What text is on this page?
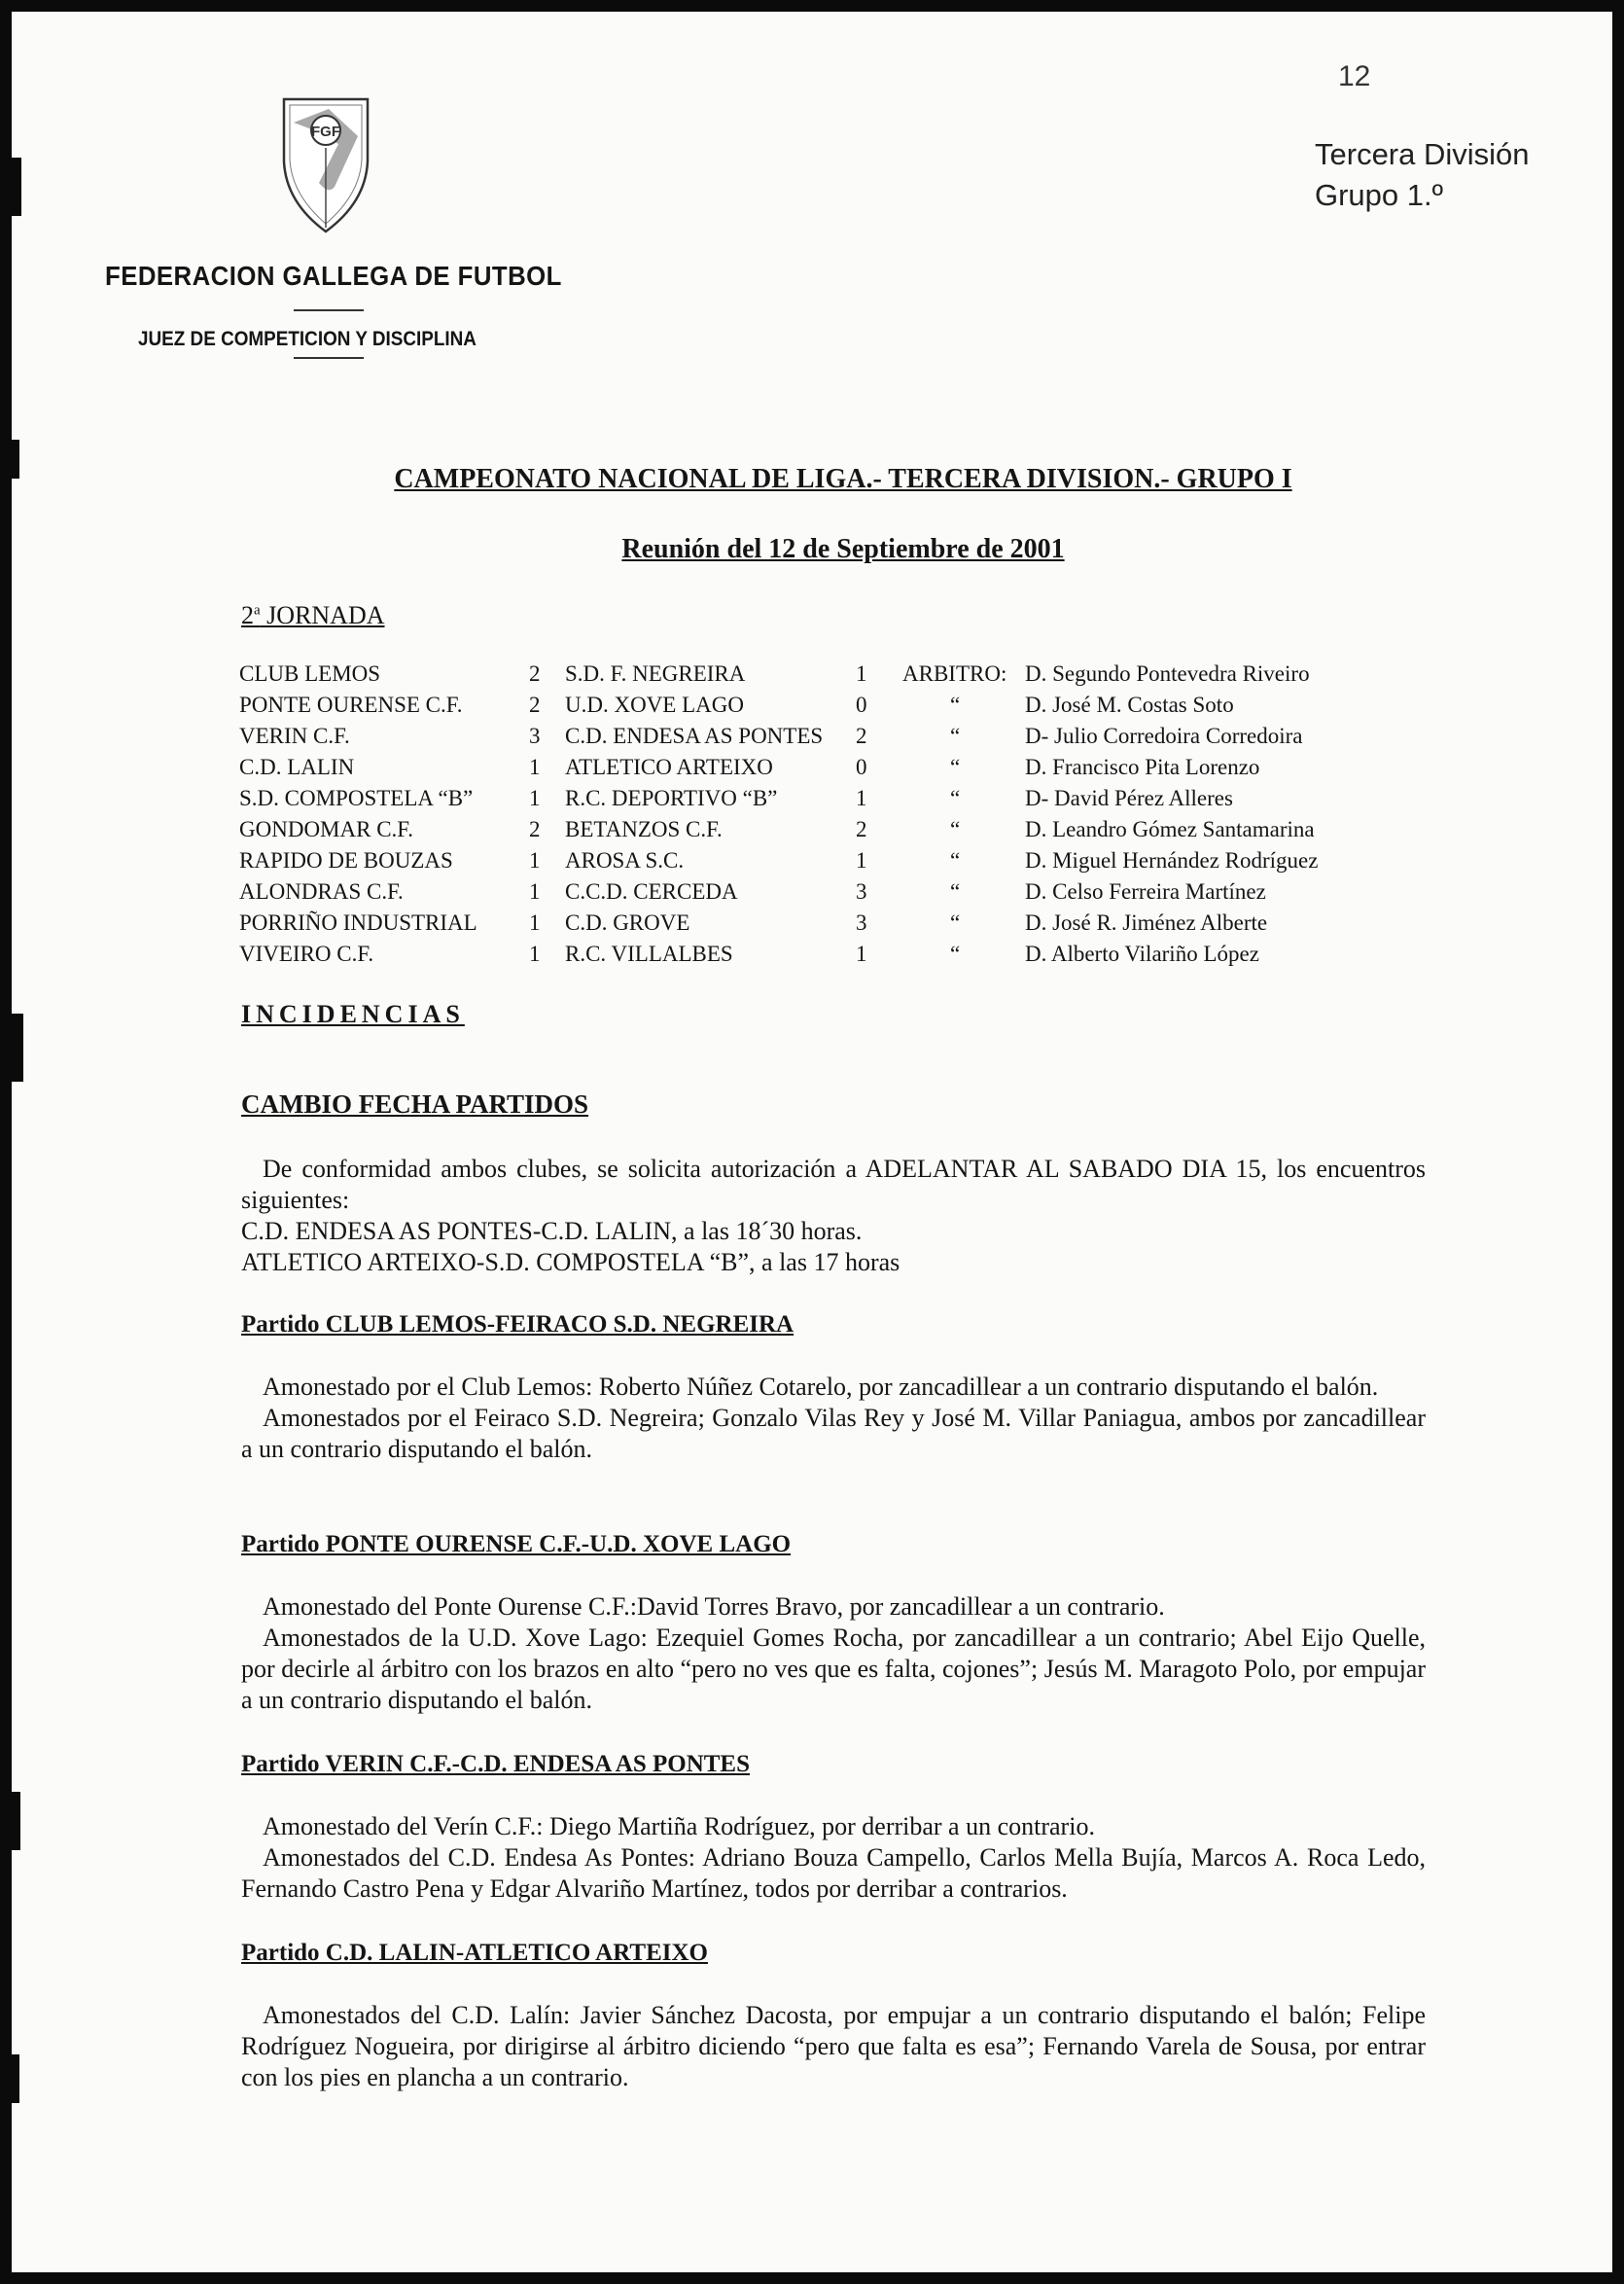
FGF
12
Tercera División
Grupo 1.º
FEDERACION GALLEGA DE FUTBOL
JUEZ DE COMPETICION Y DISCIPLINA
CAMPEONATO NACIONAL DE LIGA.- TERCERA DIVISION.- GRUPO I
Reunión del 12 de Septiembre de 2001
2$^a$ JORNADA
CLUB LEMOS	2 S.D. F. NEGREIRA	1 ARBITRO: D. Segundo Pontevedra Riveiro
PONTE OURENSE C.F.	2 U.D. XOVE LAGO	0	“	D. José M. Costas Soto
VERIN C.F.	3 C.D. ENDESA AS PONTES 2	“	D- Julio Corredoira Corredoira
C.D. LALIN	1 ATLETICO ARTEIXO	0	“	D. Francisco Pita Lorenzo
S.D. COMPOSTELA “B”	1 R.C. DEPORTIVO “B”	1	“	D- David Pérez Alleres
GONDOMAR C.F.	2 BETANZOS C.F.	2	“	D. Leandro Gómez Santamarina
RAPIDO DE BOUZAS	1 AROSA S.C.	1	“	D. Miguel Hernández Rodríguez
ALONDRAS C.F.	1 C.C.D. CERCEDA	3	“	D. Celso Ferreira Martínez
PORRIÑO INDUSTRIAL 1 C.D. GROVE	3	“	D. José R. Jiménez Alberte
VIVEIRO C.F.	1 R.C. VILLALBES	1	“	D. Alberto Vilariño López
INCIDENCIAS
CAMBIO FECHA PARTIDOS

De conformidad ambos clubes, se solicita autorización a ADELANTAR AL SABADO DIA 15, los encuentros siguientes:

C.D. ENDESA AS PONTES-C.D. LALIN, a las 18´30 horas.

ATLETICO ARTEIXO-S.D. COMPOSTELA “B”, a las 17 horas

Partido CLUB LEMOS-FEIRACO S.D. NEGREIRA

Amonestado por el Club Lemos: Roberto Núñez Cotarelo, por zancadillear a un contrario disputando el balón.

Amonestados por el Feiraco S.D. Negreira; Gonzalo Vilas Rey y José M. Villar Paniagua, ambos por zancadillear a un contrario disputando el balón.

Partido PONTE OURENSE C.F.-U.D. XOVE LAGO

Amonestado del Ponte Ourense C.F.:David Torres Bravo, por zancadillear a un contrario.

Amonestados de la U.D. Xove Lago: Ezequiel Gomes Rocha, por zancadillear a un contrario; Abel Eijo Quelle, por decirle al árbitro con los brazos en alto “pero no ves que es falta, cojones”; Jesús M. Maragoto Polo, por empujar a un contrario disputando el balón.

Partido VERIN C.F.-C.D. ENDESA AS PONTES

Amonestado del Verín C.F.: Diego Martiña Rodríguez, por derribar a un contrario.

Amonestados del C.D. Endesa As Pontes: Adriano Bouza Campello, Carlos Mella Bujía, Marcos A. Roca Ledo, Fernando Castro Pena y Edgar Alvariño Martínez, todos por derribar a contrarios.

Partido C.D. LALIN-ATLETICO ARTEIXO

Amonestados del C.D. Lalín: Javier Sánchez Dacosta, por empujar a un contrario disputando el balón; Felipe Rodríguez Nogueira, por dirigirse al árbitro diciendo “pero que falta es esa”; Fernando Varela de Sousa, por entrar con los pies en plancha a un contrario.
